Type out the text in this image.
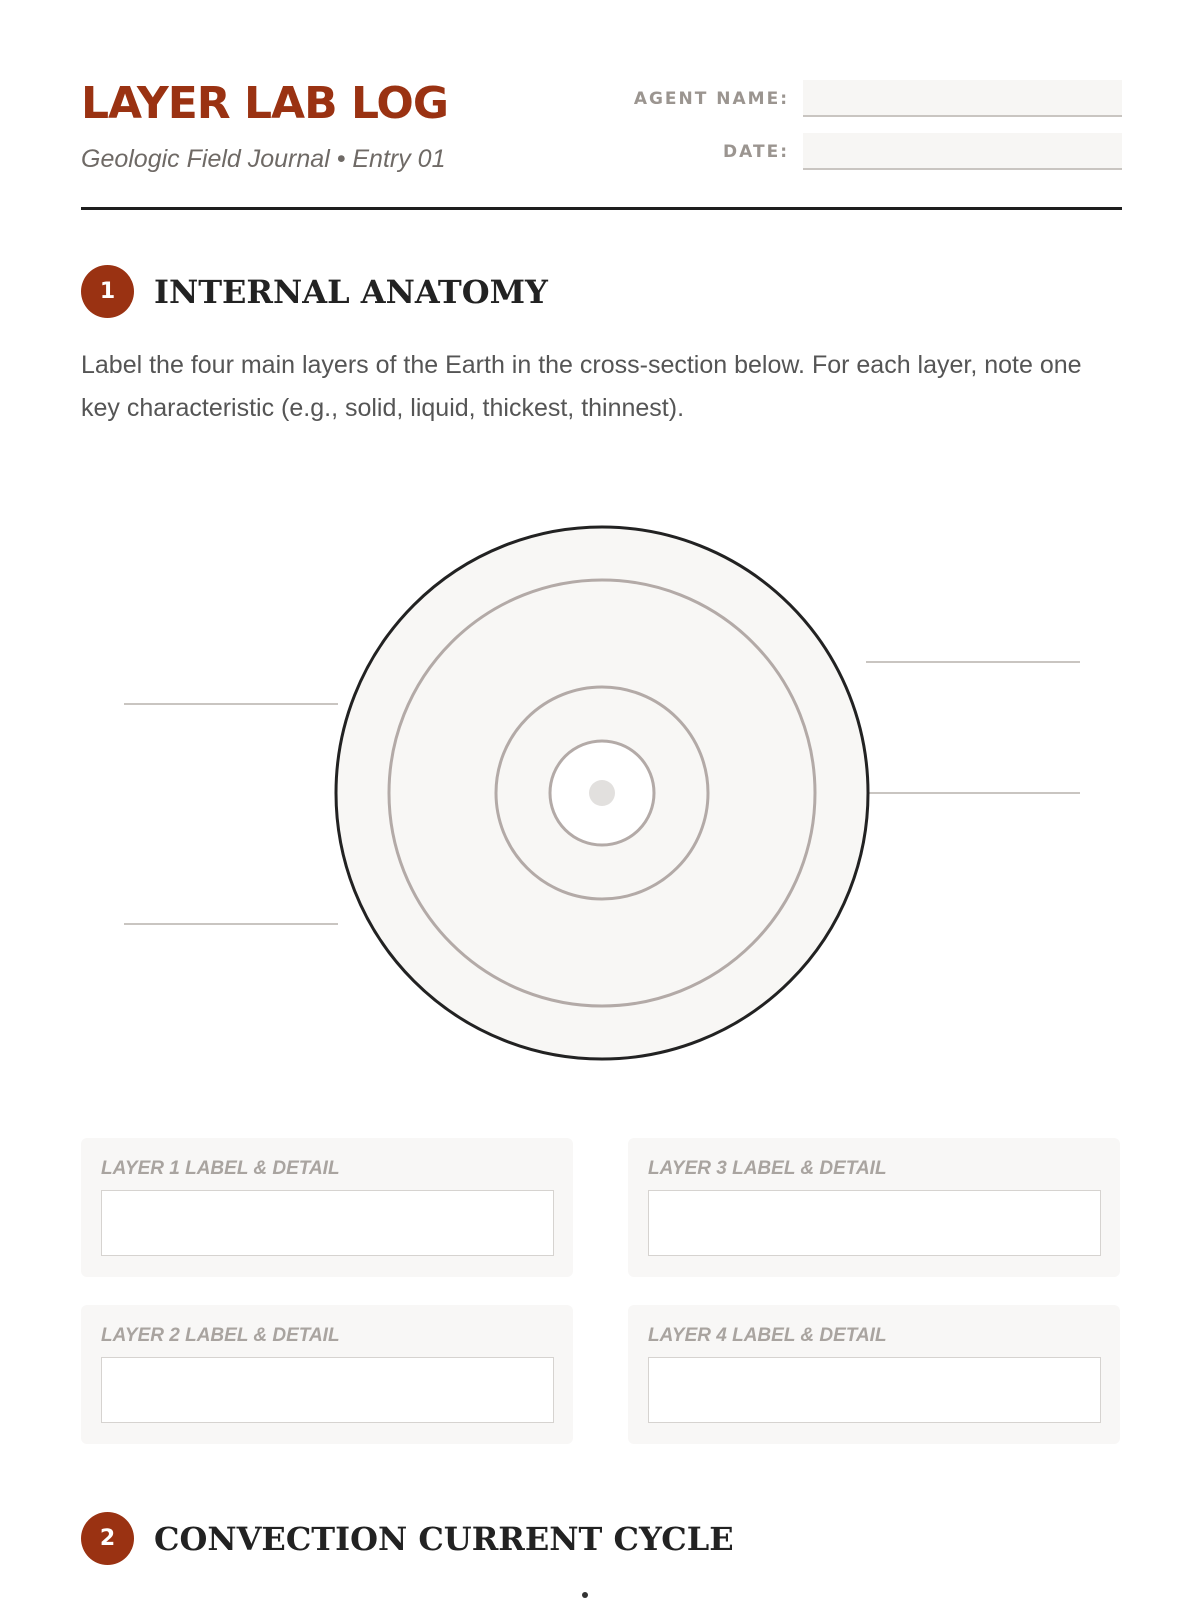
LAYER LAB LOG

Geologic Field Journal • Entry 01

AGENT NAME:
DATE:
1	INTERNAL ANATOMY

Label the four main layers of the Earth in the cross-section below. For each layer, note one key characteristic (e.g., solid, liquid, thickest, thinnest).

LAYER 1 LABEL & DETAIL	LAYER 3 LABEL & DETAIL
LAYER 2 LABEL & DETAIL	LAYER 4 LABEL & DETAIL
2	CONVECTION CURRENT CYCLE
